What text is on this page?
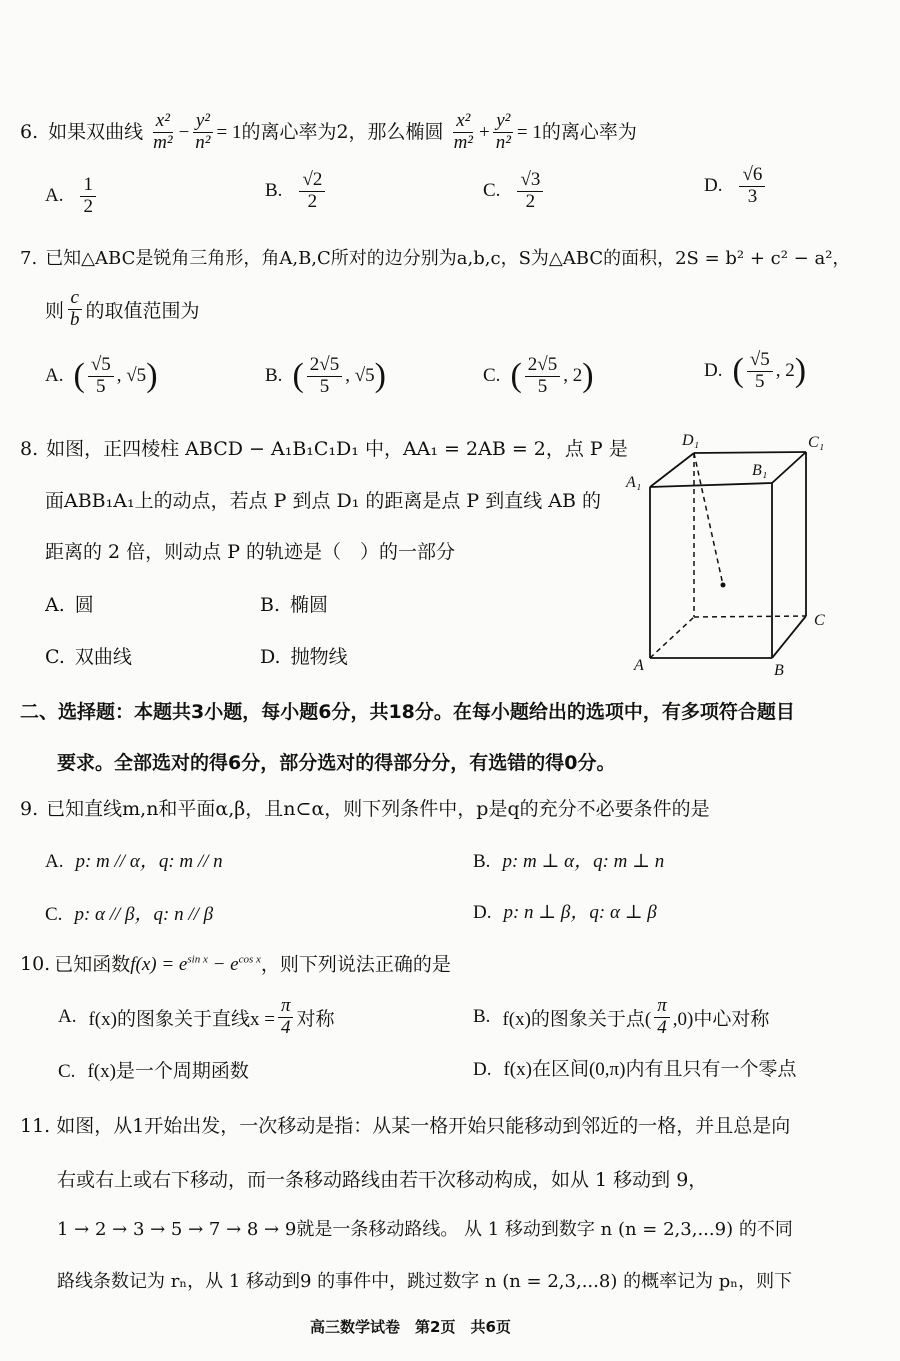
6. 如果双曲线 $\frac{\text{x²}}{\text{m²}} - \frac{\text{y²}}{\text{n²}} = 1$ 的离心率为2，那么椭圆 $\frac{\text{x²}}{\text{m²}} + \frac{\text{y²}}{\text{n²}} = 1$ 的离心率为
A. $\frac{1}{2}$	B. $\frac{√2}{2}$	C. $\frac{√3}{2}$	D. $\frac{√6}{3}$
7. 已知△ABC是锐角三角形，角A,B,C所对的边分别为a,b,c，S为△ABC的面积，2S = b² + c² − a²，
则 $\frac{c}{b}$ 的取值范围为
A. ( $\frac{√5}{5}$ , √5 )	B. ( $\frac{2√5}{5}$ , √5 )	C. ( $\frac{2√5}{5}$ , 2 )	D. ( $\frac{√5}{5}$ , 2 )
8. 如图，正四棱柱 ABCD − A₁B₁C₁D₁ 中，AA₁ = 2AB = 2，点 P 是
面ABB₁A₁上的动点，若点 P 到点 D₁ 的距离是点 P 到直线 AB 的
距离的 2 倍，则动点 P 的轨迹是（　）的一部分
A. 圆	B. 椭圆
C. 双曲线	D. 抛物线
D₁	C₁
A₁
B₁
A	B
C
二、选择题：本题共3小题，每小题6分，共18分。在每小题给出的选项中，有多项符合题目
要求。全部选对的得6分，部分选对的得部分分，有选错的得0分。
9. 已知直线m,n和平面α,β，且n⊂α，则下列条件中，p是q的充分不必要条件的是
A. p: m // α，q: m // n	B. p: m ⊥ α，q: m ⊥ n
C. p: α // β，q: n // β	D. p: n ⊥ β，q: α ⊥ β
10. 已知函数$f(x) = e^{sin x} - e^{cos x}$，则下列说法正确的是
A. f(x)的图象关于直线$x = \frac{\pi}{4}$ 对称	B. f(x)的图象关于点( $\frac{\pi}{4} ,0$)中心对称
C. f(x)是一个周期函数	D. f(x)在区间(0,π)内有且只有一个零点
11. 如图，从1开始出发，一次移动是指：从某一格开始只能移动到邻近的一格，并且总是向
右或右上或右下移动，而一条移动路线由若干次移动构成，如从 1 移动到 9，
1 → 2 → 3 → 5 → 7 → 8 → 9就是一条移动路线。 从 1 移动到数字 n (n = 2,3,...9) 的不同
路线条数记为 rₙ，从 1 移动到9 的事件中，跳过数字 n (n = 2,3,...8) 的概率记为 pₙ，则下
高三数学试卷　第2页　共6页
